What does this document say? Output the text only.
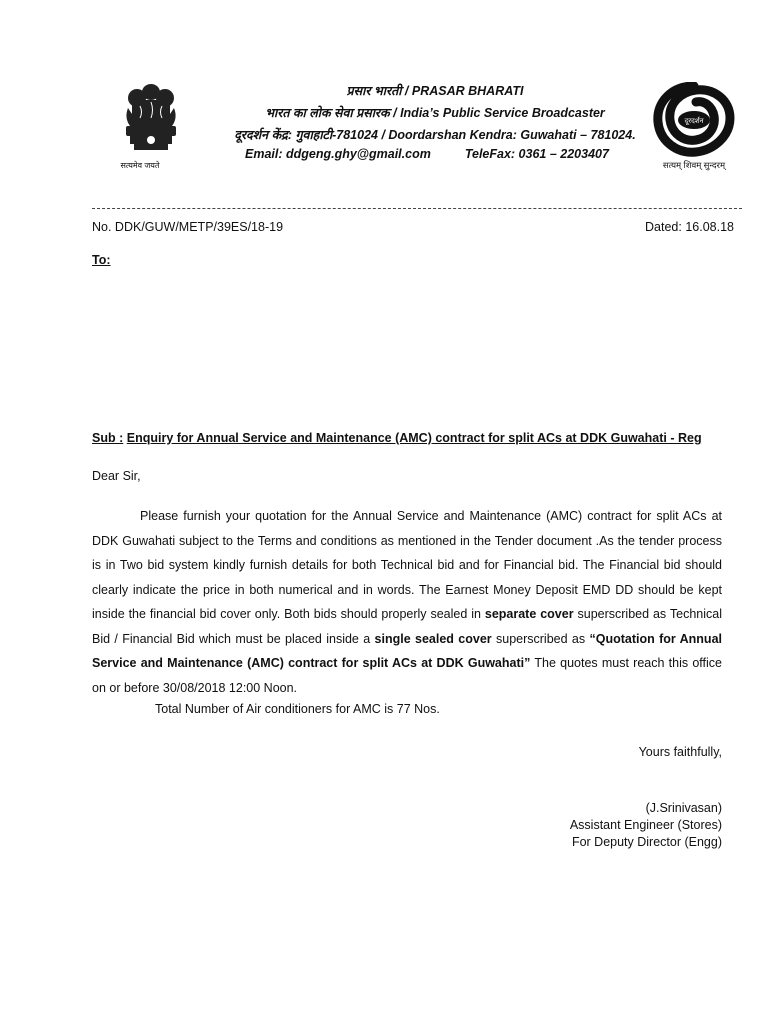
सत्यमेव जयते
प्रसार भारती / PRASAR BHARATI
भारत का लोक सेवा प्रसारक / India’s Public Service Broadcaster
दूरदर्शन केंद्र: गुवाहाटी-781024 / Doordarshan Kendra: Guwahati – 781024.
Email: ddgeng.ghy@gmail.com	TeleFax: 0361 – 2203407
दूरदर्शन
सत्यम् शिवम् सुन्दरम्
No. DDK/GUW/METP/39ES/18-19	Dated: 16.08.18
To:
Sub : Enquiry for Annual Service and Maintenance (AMC) contract for split ACs at DDK Guwahati - Reg
Dear Sir,
Please furnish your quotation for the Annual Service and Maintenance (AMC) contract for split ACs at DDK Guwahati subject to the Terms and conditions as mentioned in the Tender document .As the tender process is in Two bid system kindly furnish details for both Technical bid and for Financial bid. The Financial bid should clearly indicate the price in both numerical and in words. The Earnest Money Deposit EMD DD should be kept inside the financial bid cover only. Both bids should properly sealed in separate cover superscribed as Technical Bid / Financial Bid which must be placed inside a single sealed cover superscribed as “Quotation for Annual Service and Maintenance (AMC) contract for split ACs at DDK Guwahati” The quotes must reach this office on or before 30/08/2018 12:00 Noon.
Total Number of Air conditioners for AMC is 77 Nos.
Yours faithfully,
(J.Srinivasan)
Assistant Engineer (Stores)
For Deputy Director (Engg)
